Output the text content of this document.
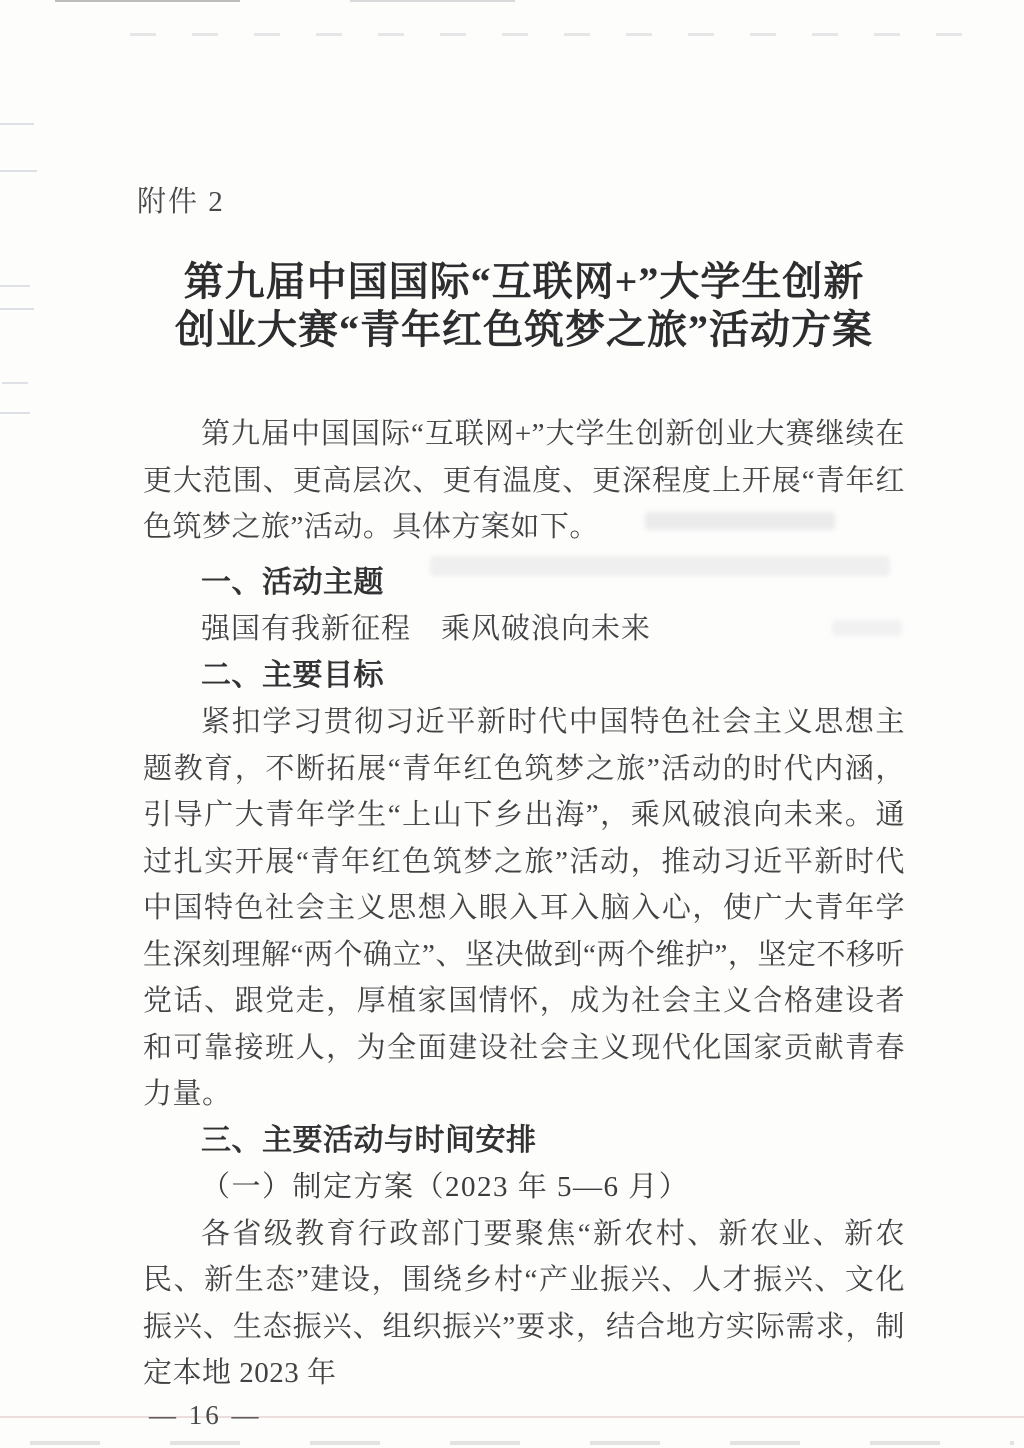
附件 2
第九届中国国际“互联网+”大学生创新
创业大赛“青年红色筑梦之旅”活动方案

第九届中国国际“互联网+”大学生创新创业大赛继续在更大范围、更高层次、更有温度、更深程度上开展“青年红色筑梦之旅”活动。具体方案如下。

一、活动主题

强国有我新征程　乘风破浪向未来

二、主要目标

紧扣学习贯彻习近平新时代中国特色社会主义思想主题教育，不断拓展“青年红色筑梦之旅”活动的时代内涵，引导广大青年学生“上山下乡出海”，乘风破浪向未来。通过扎实开展“青年红色筑梦之旅”活动，推动习近平新时代中国特色社会主义思想入眼入耳入脑入心，使广大青年学生深刻理解“两个确立”、坚决做到“两个维护”，坚定不移听党话、跟党走，厚植家国情怀，成为社会主义合格建设者和可靠接班人，为全面建设社会主义现代化国家贡献青春力量。

三、主要活动与时间安排

（一）制定方案（2023 年 5—6 月）

各省级教育行政部门要聚焦“新农村、新农业、新农民、新生态”建设，围绕乡村“产业振兴、人才振兴、文化振兴、生态振兴、组织振兴”要求，结合地方实际需求，制定本地 2023 年

— 16 —
